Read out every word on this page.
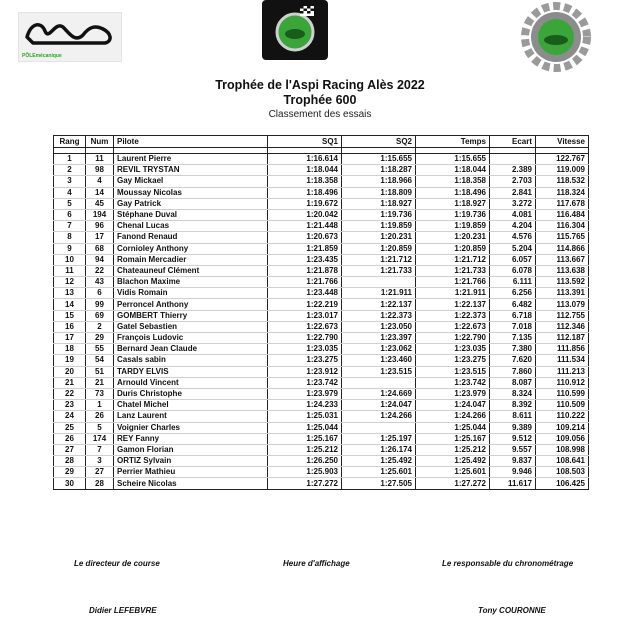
PÔLEmécanique
Trophée de l'Aspi Racing Alès 2022
Trophée 600
Classement des essais
Rang	Num	Pilote	SQ1	SQ2	Temps	Ecart	Vitesse

1	11	Laurent Pierre	1:16.614	1:15.655	1:15.655		122.767
2	98	REVIL TRYSTAN	1:18.044	1:18.287	1:18.044	2.389	119.009
3	4	Gay Mickael	1:18.358	1:18.966	1:18.358	2.703	118.532
4	14	Moussay Nicolas	1:18.496	1:18.809	1:18.496	2.841	118.324
5	45	Gay Patrick	1:19.672	1:18.927	1:18.927	3.272	117.678
6	194	Stéphane Duval	1:20.042	1:19.736	1:19.736	4.081	116.484
7	96	Chenal Lucas	1:21.448	1:19.859	1:19.859	4.204	116.304
8	17	Fanond Renaud	1:20.673	1:20.231	1:20.231	4.576	115.765
9	68	Cornioley Anthony	1:21.859	1:20.859	1:20.859	5.204	114.866
10	94	Romain Mercadier	1:23.435	1:21.712	1:21.712	6.057	113.667
11	22	Chateauneuf Clément	1:21.878	1:21.733	1:21.733	6.078	113.638
12	43	Blachon Maxime	1:21.766		1:21.766	6.111	113.592
13	6	Vidis Romain	1:23.448	1:21.911	1:21.911	6.256	113.391
14	99	Perroncel Anthony	1:22.219	1:22.137	1:22.137	6.482	113.079
15	69	GOMBERT Thierry	1:23.017	1:22.373	1:22.373	6.718	112.755
16	2	Gatel Sebastien	1:22.673	1:23.050	1:22.673	7.018	112.346
17	29	François Ludovic	1:22.790	1:23.397	1:22.790	7.135	112.187
18	55	Bernard Jean Claude	1:23.035	1:23.062	1:23.035	7.380	111.856
19	54	Casals sabin	1:23.275	1:23.460	1:23.275	7.620	111.534
20	51	TARDY ELVIS	1:23.912	1:23.515	1:23.515	7.860	111.213
21	21	Arnould Vincent	1:23.742		1:23.742	8.087	110.912
22	73	Duris Christophe	1:23.979	1:24.669	1:23.979	8.324	110.599
23	1	Chatel Michel	1:24.233	1:24.047	1:24.047	8.392	110.509
24	26	Lanz Laurent	1:25.031	1:24.266	1:24.266	8.611	110.222
25	5	Voignier Charles	1:25.044		1:25.044	9.389	109.214
26	174	REY Fanny	1:25.167	1:25.197	1:25.167	9.512	109.056
27	7	Gamon Florian	1:25.212	1:26.174	1:25.212	9.557	108.998
28	3	ORTIZ Sylvain	1:26.250	1:25.492	1:25.492	9.837	108.641
29	27	Perrier Mathieu	1:25.903	1:25.601	1:25.601	9.946	108.503
30	28	Scheire Nicolas	1:27.272	1:27.505	1:27.272	11.617	106.425
Le directeur de course	Heure d'affichage	Le responsable du chronométrage
Didier LEFEBVRE	Tony COURONNE
